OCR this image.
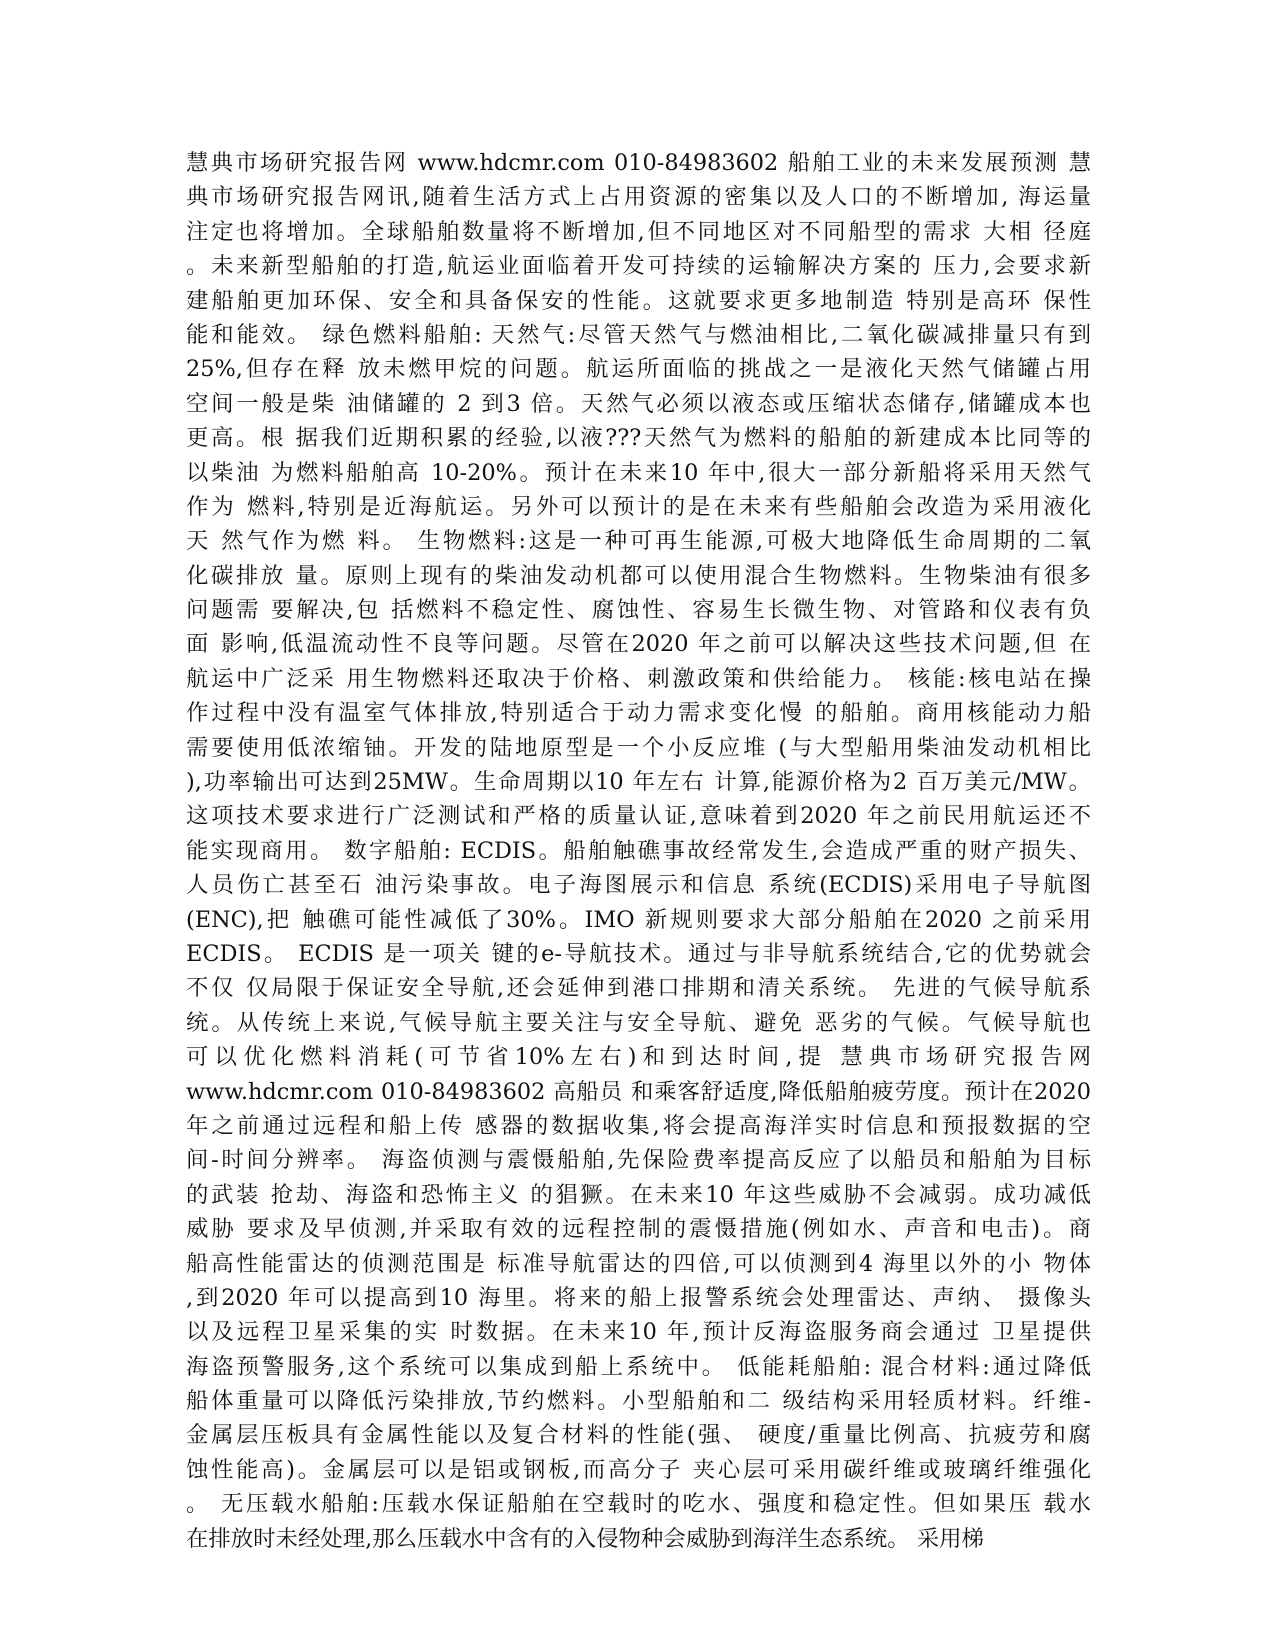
慧典市场研究报告网 www.hdcmr.com 010-84983602 船舶工业的未来发展预测 慧
典市场研究报告网讯,随着生活方式上占用资源的密集以及人口的不断增加, 海运量
注定也将增加。全球船舶数量将不断增加,但不同地区对不同船型的需求 大相 径庭
。未来新型船舶的打造,航运业面临着开发可持续的运输解决方案的 压力,会要求新
建船舶更加环保、安全和具备保安的性能。这就要求更多地制造 特别是高环 保性
能和能效。 绿色燃料船舶: 天然气:尽管天然气与燃油相比,二氧化碳减排量只有到
25%,但存在释 放未燃甲烷的问题。航运所面临的挑战之一是液化天然气储罐占用
空间一般是柴 油储罐的 2 到3 倍。天然气必须以液态或压缩状态储存,储罐成本也
更高。根 据我们近期积累的经验,以液???天然气为燃料的船舶的新建成本比同等的
以柴油 为燃料船舶高 10-20%。预计在未来10 年中,很大一部分新船将采用天然气
作为 燃料,特别是近海航运。另外可以预计的是在未来有些船舶会改造为采用液化
天 然气作为燃 料。 生物燃料:这是一种可再生能源,可极大地降低生命周期的二氧
化碳排放 量。原则上现有的柴油发动机都可以使用混合生物燃料。生物柴油有很多
问题需 要解决,包 括燃料不稳定性、腐蚀性、容易生长微生物、对管路和仪表有负
面 影响,低温流动性不良等问题。尽管在2020 年之前可以解决这些技术问题,但 在
航运中广泛采 用生物燃料还取决于价格、刺激政策和供给能力。 核能:核电站在操
作过程中没有温室气体排放,特别适合于动力需求变化慢 的船舶。商用核能动力船
需要使用低浓缩铀。开发的陆地原型是一个小反应堆 (与大型船用柴油发动机相比
),功率输出可达到25MW。生命周期以10 年左右 计算,能源价格为2 百万美元/MW。
这项技术要求进行广泛测试和严格的质量认证,意味着到2020 年之前民用航运还不
能实现商用。 数字船舶: ECDIS。船舶触礁事故经常发生,会造成严重的财产损失、
人员伤亡甚至石 油污染事故。电子海图展示和信息 系统(ECDIS)采用电子导航图
(ENC),把 触礁可能性减低了30%。IMO 新规则要求大部分船舶在2020 之前采用
ECDIS。 ECDIS 是一项关 键的e-导航技术。通过与非导航系统结合,它的优势就会
不仅 仅局限于保证安全导航,还会延伸到港口排期和清关系统。 先进的气候导航系
统。从传统上来说,气候导航主要关注与安全导航、避免 恶劣的气候。气候导航也
可以优化燃料消耗(可节省10%左右)和到达时间,提 慧典市场研究报告网
www.hdcmr.com 010-84983602 高船员 和乘客舒适度,降低船舶疲劳度。预计在2020
年之前通过远程和船上传 感器的数据收集,将会提高海洋实时信息和预报数据的空
间-时间分辨率。 海盗侦测与震慑船舶,先保险费率提高反应了以船员和船舶为目标
的武装 抢劫、海盗和恐怖主义 的猖獗。在未来10 年这些威胁不会减弱。成功减低
威胁 要求及早侦测,并采取有效的远程控制的震慑措施(例如水、声音和电击)。商
船高性能雷达的侦测范围是 标准导航雷达的四倍,可以侦测到4 海里以外的小 物体
,到2020 年可以提高到10 海里。将来的船上报警系统会处理雷达、声纳、 摄像头
以及远程卫星采集的实 时数据。在未来10 年,预计反海盗服务商会通过 卫星提供
海盗预警服务,这个系统可以集成到船上系统中。 低能耗船舶: 混合材料:通过降低
船体重量可以降低污染排放,节约燃料。小型船舶和二 级结构采用轻质材料。纤维-
金属层压板具有金属性能以及复合材料的性能(强、 硬度/重量比例高、抗疲劳和腐
蚀性能高)。金属层可以是铝或钢板,而高分子 夹心层可采用碳纤维或玻璃纤维强化
。 无压载水船舶:压载水保证船舶在空载时的吃水、强度和稳定性。但如果压 载水
在排放时未经处理,那么压载水中含有的入侵物种会威胁到海洋生态系统。 采用梯
